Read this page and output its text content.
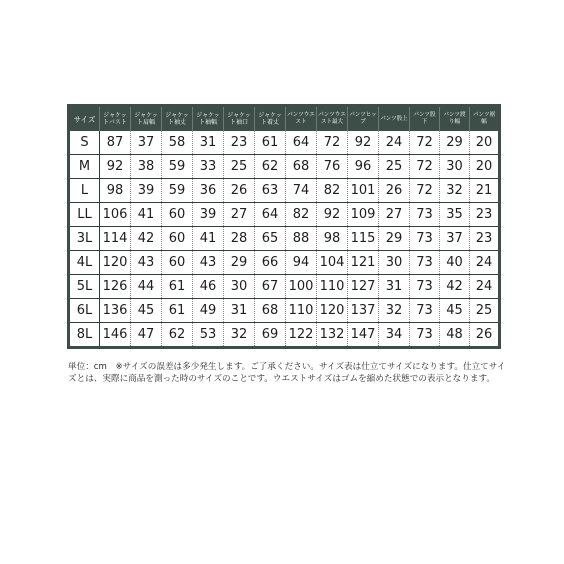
サイズ	ジャケットバスト	ジャケット肩幅	ジャケット袖丈	ジャケット袖幅	ジャケット袖口	ジャケット着丈	パンツウエスト	パンツウエスト最大	パンツヒップ	パンツ股上	パンツ股下	パンツ渡り幅	パンツ裾幅
S	87	37	58	31	23	61	64	72	92	24	72	29	20
M	92	38	59	33	25	62	68	76	96	25	72	30	20
L	98	39	59	36	26	63	74	82	101	26	72	32	21
LL	106	41	60	39	27	64	82	92	109	27	73	35	23
3L	114	42	60	41	28	65	88	98	115	29	73	37	23
4L	120	43	60	43	29	66	94	104	121	30	73	40	24
5L	126	44	61	46	30	67	100	110	127	31	73	42	24
6L	136	45	61	49	31	68	110	120	137	32	73	45	25
8L	146	47	62	53	32	69	122	132	147	34	73	48	26
単位：cm　※サイズの誤差は多少発生します。ご了承ください。サイズ表は仕立てサイズになります。仕立てサイズとは、実際に商品を測った時のサイズのことです。ウエストサイズはゴムを縮めた状態での表示となります。
